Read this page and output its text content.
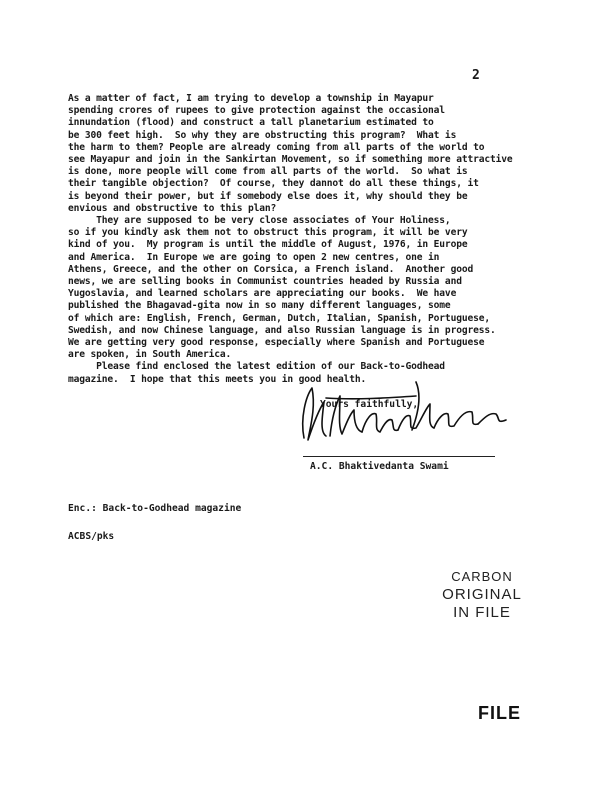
2
As a matter of fact, I am trying to develop a township in Mayapur
spending crores of rupees to give protection against the occasional
innundation (flood) and construct a tall planetarium estimated to
be 300 feet high.  So why they are obstructing this program?  What is
the harm to them? People are already coming from all parts of the world to
see Mayapur and join in the Sankirtan Movement, so if something more attractive
is done, more people will come from all parts of the world.  So what is
their tangible objection?  Of course, they dannot do all these things, it
is beyond their power, but if somebody else does it, why should they be
envious and obstructive to this plan?
They are supposed to be very close associates of Your Holiness,
so if you kindly ask them not to obstruct this program, it will be very
kind of you.  My program is until the middle of August, 1976, in Europe
and America.  In Europe we are going to open 2 new centres, one in
Athens, Greece, and the other on Corsica, a French island.  Another good
news, we are selling books in Communist countries headed by Russia and
Yugoslavia, and learned scholars are appreciating our books.  We have
published the Bhagavad-gita now in so many different languages, some
of which are: English, French, German, Dutch, Italian, Spanish, Portuguese,
Swedish, and now Chinese language, and also Russian language is in progress.
We are getting very good response, especially where Spanish and Portuguese
are spoken, in South America.
Please find enclosed the latest edition of our Back-to-Godhead
magazine.  I hope that this meets you in good health.
Yours faithfully,
A.C. Bhaktivedanta Swami
Enc.: Back-to-Godhead magazine
ACBS/pks
CARBON
ORIGINAL
IN FILE
FILE
